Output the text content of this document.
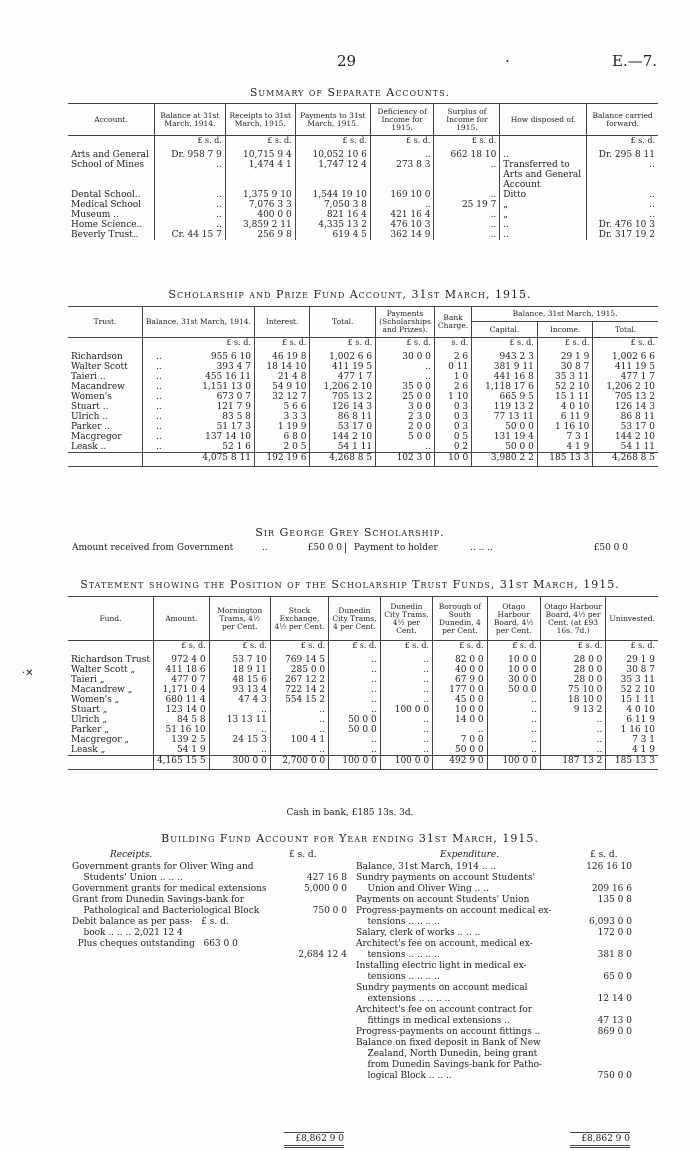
29	·	E.—7.
Summary of Separate Accounts.
Account.	Balance at 31st March, 1914.	Receipts to 31st March, 1915.	Payments to 31st March, 1915.	Deficiency of Income for 1915.	Surplus of Income for 1915.	How disposed of.	Balance carried forward.
	£ s. d.	£ s. d.	£ s. d.	£ s. d.	£ s. d.		£ s. d.
Arts and General	Dr. 958 7 9	10,715 9 4	10,052 10 6	..	662 18 10	..	Dr. 295 8 11
School of Mines	..	1,474 4 1	1,747 12 4	273 8 3	..	Transferred to Arts and General Account	..
Dental School..	..	1,375 9 10	1,544 19 10	169 10 0	..	Ditto	..
Medical School	..	7,076 3 3	7,050 3 8	..	25 19 7	„	..
Museum ..	..	400 0 0	821 16 4	421 16 4	..	„	..
Home Science..	..	3,859 2 11	4,335 13 2	476 10 3	..	..	Dr. 476 10 3
Beverly Trust..	Cr. 44 15 7	256 9 8	619 4 5	362 14 9	..	..	Dr. 317 19 2
Scholarship and Prize Fund Account, 31st March, 1915.
Trust.	Balance, 31st March, 1914.	Interest.	Total.	Payments (Scholarships and Prizes).	Bank Charge.	Balance, 31st March, 1915.		
						Capital.	Income.	Total.
	£ s. d.	£ s. d.	£ s. d.	£ s. d.	s. d.	£ s. d.	£ s. d.	£ s. d.
Richardson ..	955 6 10	46 19 8	1,002 6 6	30 0 0	2 6	943 2 3	29 1 9	1,002 6 6
Walter Scott ..	393 4 7	18 14 10	411 19 5	..	0 11	381 9 11	30 8 7	411 19 5
Taieri .. ..	455 16 11	21 4 8	477 1 7	..	1 0	441 16 8	35 3 11	477 1 7
Macandrew ..	1,151 13 0	54 9 10	1,206 2 10	35 0 0	2 6	1,118 17 6	52 2 10	1,206 2 10
Women's ..	673 0 7	32 12 7	705 13 2	25 0 0	1 10	665 9 5	15 1 11	705 13 2
Stuart .. ..	121 7 9	5 6 6	126 14 3	3 0 0	0 3	119 13 2	4 0 10	126 14 3
Ulrich .. ..	83 5 8	3 3 3	86 8 11	2 3 0	0 3	77 13 11	6 11 9	86 8 11
Parker .. ..	51 17 3	1 19 9	53 17 0	2 0 0	0 3	50 0 0	1 16 10	53 17 0
Macgregor ..	137 14 10	6 8 0	144 2 10	5 0 0	0 5	131 19 4	7 3 1	144 2 10
Leask .. ..	52 1 6	2 0 5	54 1 11	..	0 2	50 0 0	4 1 9	54 1 11
	4,075 8 11	192 19 6	4,268 8 5	102 3 0	10 0	3,980 2 2	185 13 3	4,268 8 5
Sir George Grey Scholarship.
Amount received from Government	..	£50 0 0	Payment to holder	.. .. ..	£50 0 0
Statement showing the Position of the Scholarship Trust Funds, 31st March, 1915.
·✕
Fund.	Amount.	Mornington Trams, 4½ per Cent.	Stock Exchange, 4½ per Cent.	Dunedin City Trams, 4 per Cent.	Dunedin City Trams, 4½ per Cent.	Borough of South Dunedin, 4 per Cent.	Otago Harbour Board, 4½ per Cent.	Otago Harbour Board, 4½ per Cent. (at £93 16s. 7d.)	Uninvested.
	£ s. d.	£ s. d.	£ s. d.	£ s. d.	£ s. d.	£ s. d.	£ s. d.	£ s. d.	£ s. d.
Richardson Trust	972 4 0	53 7 10	769 14 5	..	..	82 0 0	10 0 0	28 0 0	29 1 9
Walter Scott „	411 18 6	18 9 11	285 0 0	..	..	40 0 0	10 0 0	28 0 0	30 8 7
Taieri „	477 0 7	48 15 6	267 12 2	..	..	67 9 0	30 0 0	28 0 0	35 3 11
Macandrew „	1,171 0 4	93 13 4	722 14 2	..	..	177 0 0	50 0 0	75 10 0	52 2 10
Women's „	680 11 4	47 4 3	554 15 2	..	..	45 0 0	..	18 10 0	15 1 11
Stuart „	123 14 0	..	..	..	100 0 0	10 0 0	..	9 13 2	4 0 10
Ulrich „	84 5 8	13 13 11	..	50 0 0	..	14 0 0	..	..	6 11 9
Parker „	51 16 10	..	..	50 0 0	..	..	..	..	1 16 10
Macgregor „	139 2 5	24 15 3	100 4 1	..	..	7 0 0	..	..	7 3 1
Leask „	54 1 9	..	..	..	..	50 0 0	..	..	4 1 9
	4,165 15 5	300 0 0	2,700 0 0	100 0 0	100 0 0	492 9 0	100 0 0	187 13 2	185 13 3
Cash in bank, £185 13s. 3d.
Building Fund Account for Year ending 31st March, 1915.
Receipts.	£ s. d.	Expenditure.	£ s. d.
Government grants for Oliver Wing and
Students' Union .. .. ..	427 16 8
Government grants for medical extensions	5,000 0 0
Grant from Dunedin Savings-bank for
Pathological and Bacteriological Block	750 0 0
Debit balance as per pass-   £ s. d.
book .. .. .. 2,021 12 4
Plus cheques outstanding   663 0 0
2,684 12 4
Balance, 31st March, 1914 .. ..	126 16 10
Sundry payments on account Students'
Union and Oliver Wing .. ..	209 16 6
Payments on account Students' Union	135 0 8
Progress-payments on account medical ex-
tensions .. .. .. ..	6,093 0 0
Salary, clerk of works .. .. ..	172 0 0
Architect's fee on account, medical ex-
tensions .. .. .. ..	381 8 0
Installing electric light in medical ex-
tensions .. .. .. ..	65 0 0
Sundry payments on account medical
extensions .. .. .. ..	12 14 0
Architect's fee on account contract for
fittings in medical extensions ..	47 13 0
Progress-payments on account fittings ..	869 0 0
Balance on fixed deposit in Bank of New
Zealand, North Dunedin, being grant
from Dunedin Savings-bank for Patho-
logical Block .. .. ..	750 0 0
£8,862 9 0	£8,862 9 0
